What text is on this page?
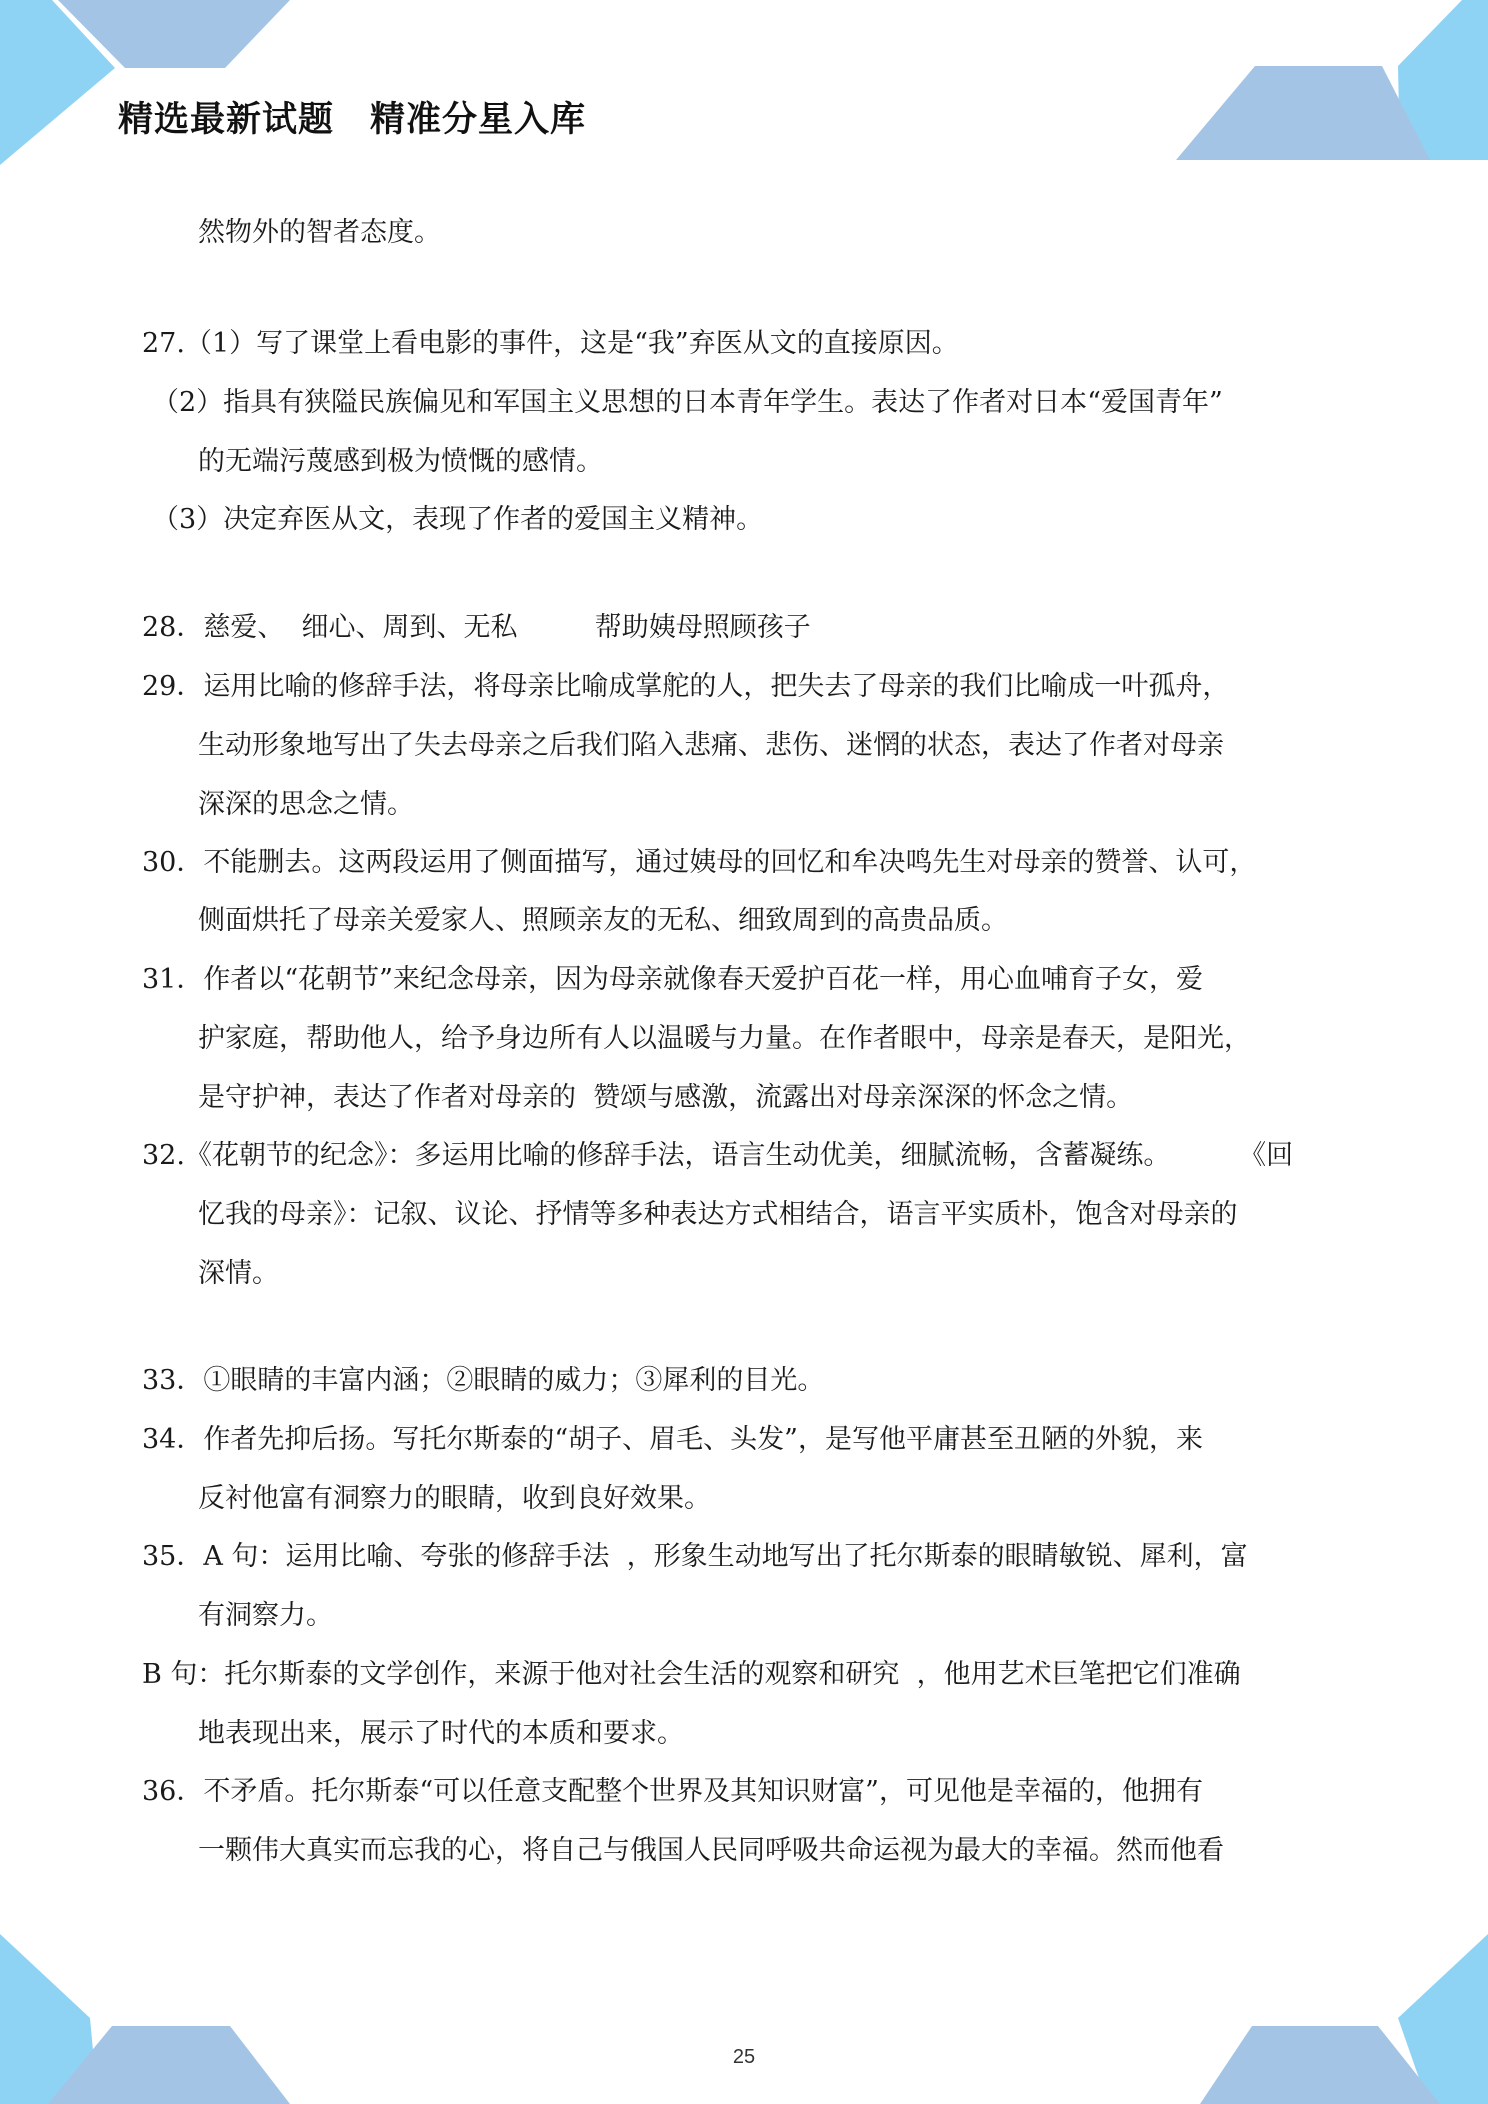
精选最新试题　精准分星入库
然物外的智者态度。
27.（1）写了课堂上看电影的事件，这是“我”弃医从文的直接原因。
（2）指具有狭隘民族偏见和军国主义思想的日本青年学生。表达了作者对日本“爱国青年”
的无端污蔑感到极为愤慨的感情。
（3）决定弃医从文，表现了作者的爱国主义精神。
28．慈爱、  细心、周到、无私         帮助姨母照顾孩子
29．运用比喻的修辞手法，将母亲比喻成掌舵的人，把失去了母亲的我们比喻成一叶孤舟，
生动形象地写出了失去母亲之后我们陷入悲痛、悲伤、迷惘的状态，表达了作者对母亲
深深的思念之情。
30．不能删去。这两段运用了侧面描写，通过姨母的回忆和牟决鸣先生对母亲的赞誉、认可，
侧面烘托了母亲关爱家人、照顾亲友的无私、细致周到的高贵品质。
31．作者以“花朝节”来纪念母亲，因为母亲就像春天爱护百花一样，用心血哺育子女，爱
护家庭，帮助他人，给予身边所有人以温暖与力量。在作者眼中，母亲是春天，是阳光，
是守护神，表达了作者对母亲的  赞颂与感激，流露出对母亲深深的怀念之情。
32.《花朝节的纪念》：多运用比喻的修辞手法，语言生动优美，细腻流畅，含蓄凝练。        《回
忆我的母亲》：记叙、议论、抒情等多种表达方式相结合，语言平实质朴，饱含对母亲的
深情。
33．①眼睛的丰富内涵；②眼睛的威力；③犀利的目光。
34．作者先抑后扬。写托尔斯泰的“胡子、眉毛、头发”，是写他平庸甚至丑陋的外貌，来
反衬他富有洞察力的眼睛，收到良好效果。
35．A 句：运用比喻、夸张的修辞手法  ，形象生动地写出了托尔斯泰的眼睛敏锐、犀利，富
有洞察力。
B 句：托尔斯泰的文学创作，来源于他对社会生活的观察和研究  ，他用艺术巨笔把它们准确
地表现出来，展示了时代的本质和要求。
36．不矛盾。托尔斯泰“可以任意支配整个世界及其知识财富”，可见他是幸福的，他拥有
一颗伟大真实而忘我的心，将自己与俄国人民同呼吸共命运视为最大的幸福。然而他看
25
